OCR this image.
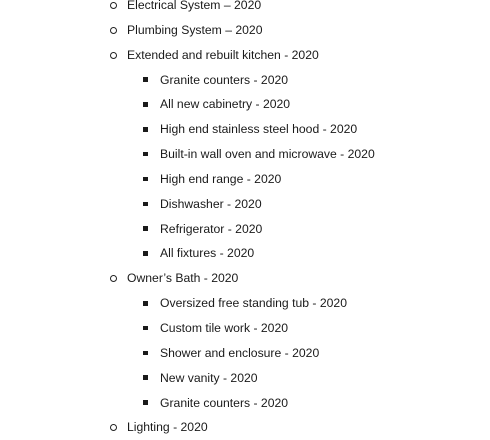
Electrical System – 2020
Plumbing System – 2020
Extended and rebuilt kitchen - 2020
Granite counters - 2020
All new cabinetry - 2020
High end stainless steel hood - 2020
Built-in wall oven and microwave - 2020
High end range - 2020
Dishwasher - 2020
Refrigerator - 2020
All fixtures - 2020
Owner’s Bath - 2020
Oversized free standing tub - 2020
Custom tile work - 2020
Shower and enclosure - 2020
New vanity - 2020
Granite counters - 2020
Lighting - 2020
